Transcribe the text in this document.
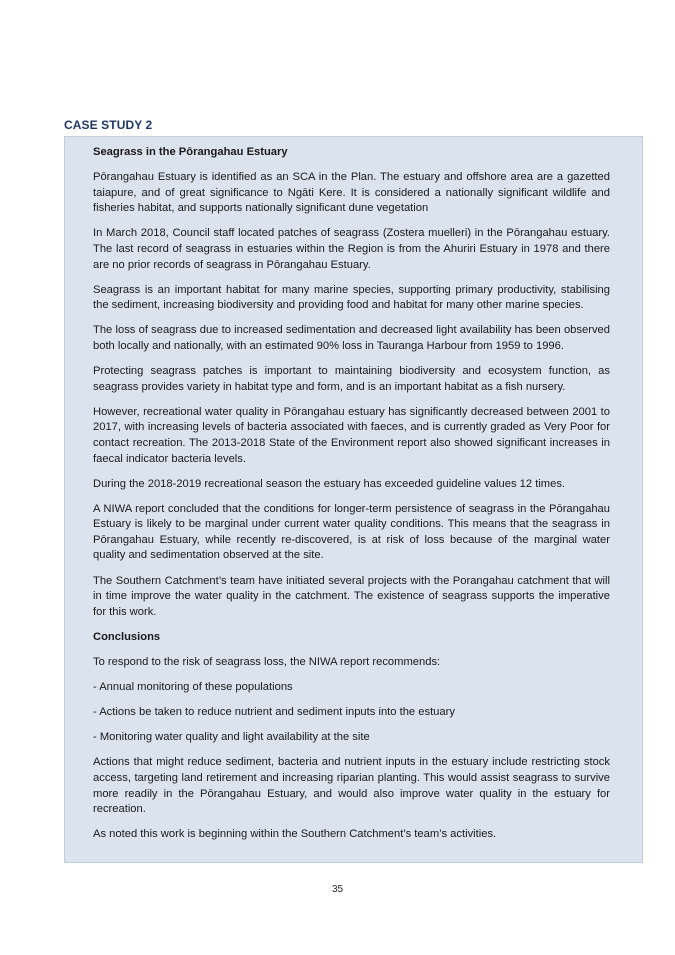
CASE STUDY 2

Seagrass in the Pōrangahau Estuary

Pōrangahau Estuary is identified as an SCA in the Plan. The estuary and offshore area are a gazetted taiapure, and of great significance to Ngāti Kere. It is considered a nationally significant wildlife and fisheries habitat, and supports nationally significant dune vegetation

In March 2018, Council staff located patches of seagrass (Zostera muelleri) in the Pōrangahau estuary. The last record of seagrass in estuaries within the Region is from the Ahuriri Estuary in 1978 and there are no prior records of seagrass in Pōrangahau Estuary.

Seagrass is an important habitat for many marine species, supporting primary productivity, stabilising the sediment, increasing biodiversity and providing food and habitat for many other marine species.

The loss of seagrass due to increased sedimentation and decreased light availability has been observed both locally and nationally, with an estimated 90% loss in Tauranga Harbour from 1959 to 1996.

Protecting seagrass patches is important to maintaining biodiversity and ecosystem function, as seagrass provides variety in habitat type and form, and is an important habitat as a fish nursery.

However, recreational water quality in Pōrangahau estuary has significantly decreased between 2001 to 2017, with increasing levels of bacteria associated with faeces, and is currently graded as Very Poor for contact recreation. The 2013-2018 State of the Environment report also showed significant increases in faecal indicator bacteria levels.

During the 2018-2019 recreational season the estuary has exceeded guideline values 12 times.

A NIWA report concluded that the conditions for longer-term persistence of seagrass in the Pōrangahau Estuary is likely to be marginal under current water quality conditions. This means that the seagrass in Pōrangahau Estuary, while recently re-discovered, is at risk of loss because of the marginal water quality and sedimentation observed at the site.

The Southern Catchment’s team have initiated several projects with the Porangahau catchment that will in time improve the water quality in the catchment. The existence of seagrass supports the imperative for this work.

Conclusions

To respond to the risk of seagrass loss, the NIWA report recommends:

- Annual monitoring of these populations

- Actions be taken to reduce nutrient and sediment inputs into the estuary

- Monitoring water quality and light availability at the site

Actions that might reduce sediment, bacteria and nutrient inputs in the estuary include restricting stock access, targeting land retirement and increasing riparian planting. This would assist seagrass to survive more readily in the Pōrangahau Estuary, and would also improve water quality in the estuary for recreation.

As noted this work is beginning within the Southern Catchment’s team’s activities.

35
